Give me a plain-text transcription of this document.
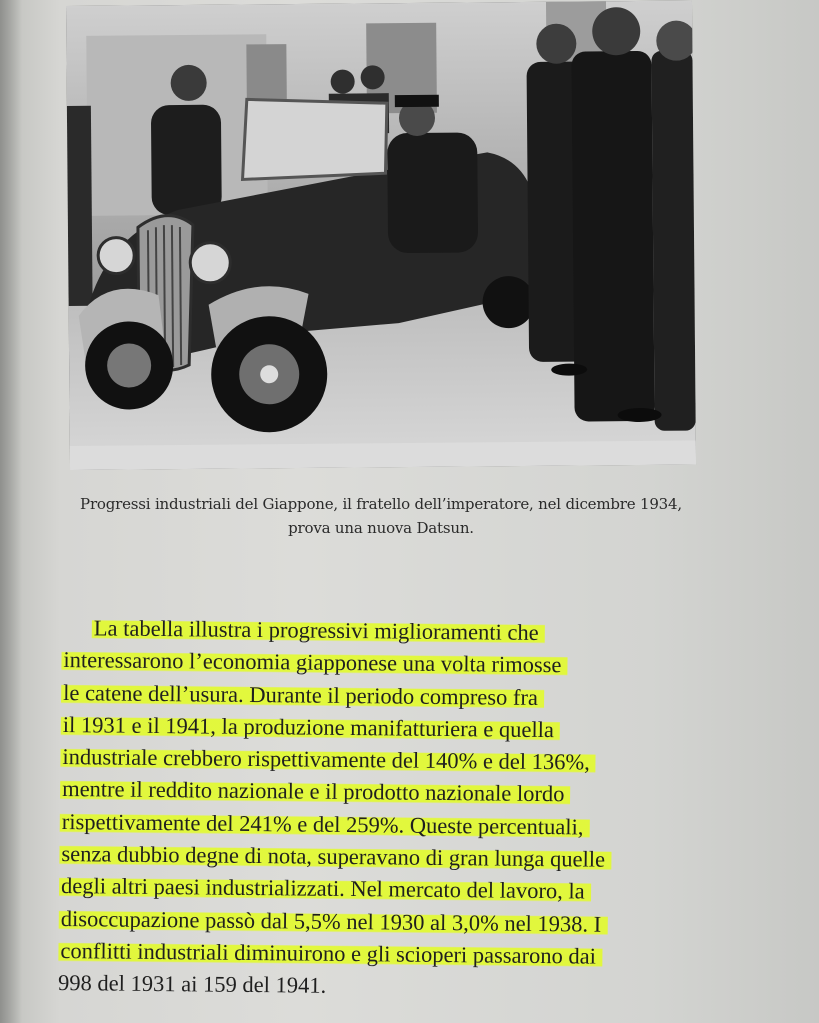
Progressi industriali del Giappone, il fratello dell’imperatore, nel dicembre 1934,
prova una nuova Datsun.
La tabella illustra i progressivi miglioramenti che
interessarono l’economia giapponese una volta rimosse
le catene dell’usura. Durante il periodo compreso fra
il 1931 e il 1941, la produzione manifatturiera e quella
industriale crebbero rispettivamente del 140% e del 136%,
mentre il reddito nazionale e il prodotto nazionale lordo
rispettivamente del 241% e del 259%. Queste percentuali,
senza dubbio degne di nota, superavano di gran lunga quelle
degli altri paesi industrializzati. Nel mercato del lavoro, la
disoccupazione passò dal 5,5% nel 1930 al 3,0% nel 1938. I
conflitti industriali diminuirono e gli scioperi passarono dai
998 del 1931 ai 159 del 1941.
